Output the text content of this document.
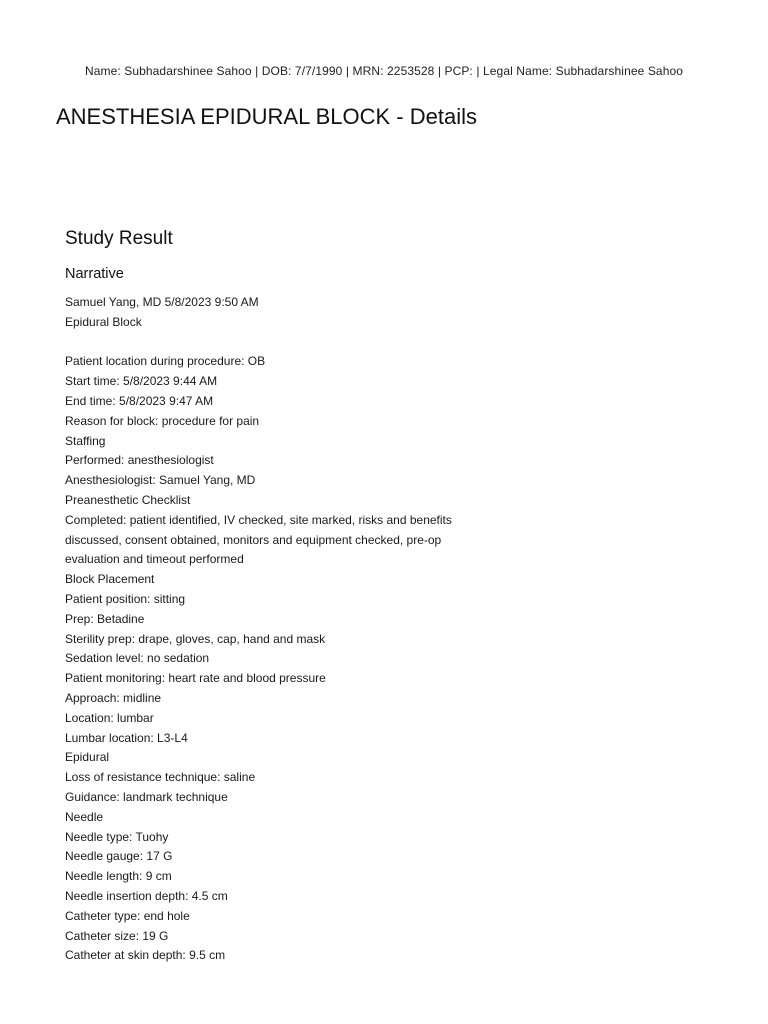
Name: Subhadarshinee Sahoo | DOB: 7/7/1990 | MRN: 2253528 | PCP: | Legal Name: Subhadarshinee Sahoo
ANESTHESIA EPIDURAL BLOCK - Details
Study Result
Narrative
Samuel Yang, MD 5/8/2023 9:50 AM
Epidural Block
Patient location during procedure: OB
Start time: 5/8/2023 9:44 AM
End time: 5/8/2023 9:47 AM
Reason for block: procedure for pain
Staffing
Performed: anesthesiologist
Anesthesiologist: Samuel Yang, MD
Preanesthetic Checklist
Completed: patient identified, IV checked, site marked, risks and benefits discussed, consent obtained, monitors and equipment checked, pre-op evaluation and timeout performed
Block Placement
Patient position: sitting
Prep: Betadine
Sterility prep: drape, gloves, cap, hand and mask
Sedation level: no sedation
Patient monitoring: heart rate and blood pressure
Approach: midline
Location: lumbar
Lumbar location: L3-L4
Epidural
Loss of resistance technique: saline
Guidance: landmark technique
Needle
Needle type: Tuohy
Needle gauge: 17 G
Needle length: 9 cm
Needle insertion depth: 4.5 cm
Catheter type: end hole
Catheter size: 19 G
Catheter at skin depth: 9.5 cm
